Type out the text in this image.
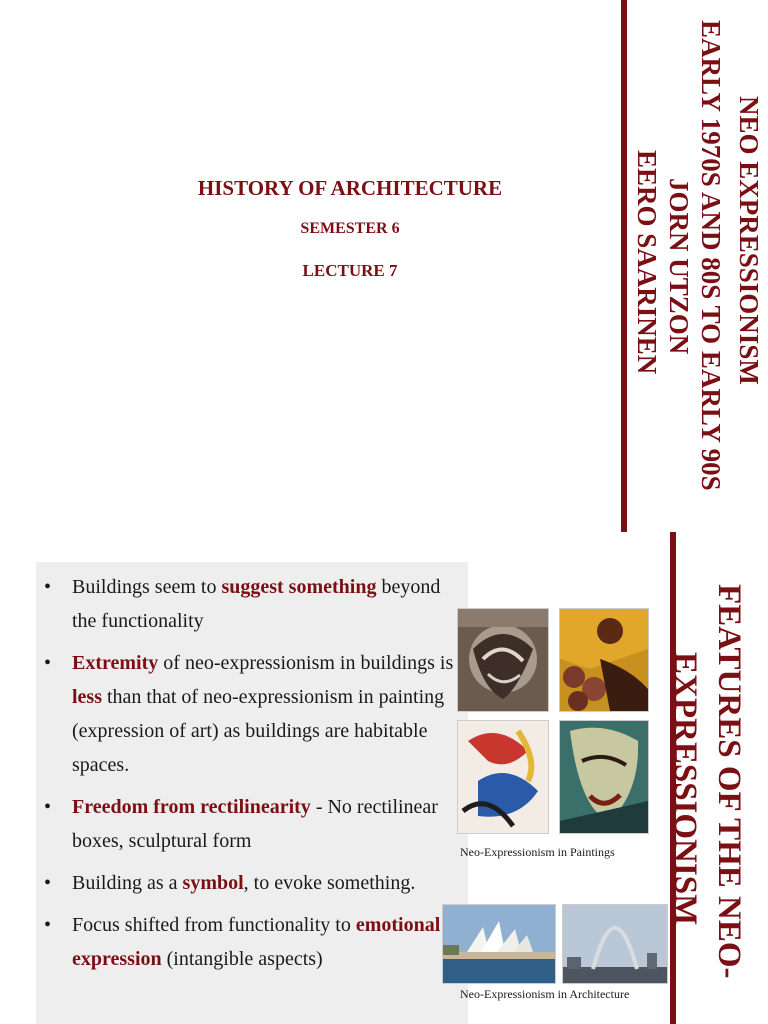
HISTORY OF ARCHITECTURE
SEMESTER 6
LECTURE 7	NEO EXPRESSIONISM
EARLY 1970S AND 80S TO EARLY 90S
JORN UTZON
EERO SAARINEN
• Buildings seem to suggest something beyond the functionality
• Extremity of neo-expressionism in buildings is less than that of neo-expressionism in painting (expression of art) as buildings are habitable spaces.
• Freedom from rectilinearity - No rectilinear boxes, sculptural form
• Building as a symbol, to evoke something.
• Focus shifted from functionality to emotional expression (intangible aspects)
Neo-Expressionism in Paintings
Neo-Expressionism in Architecture
FEATURES OF THE NEO-
EXPRESSIONISM
